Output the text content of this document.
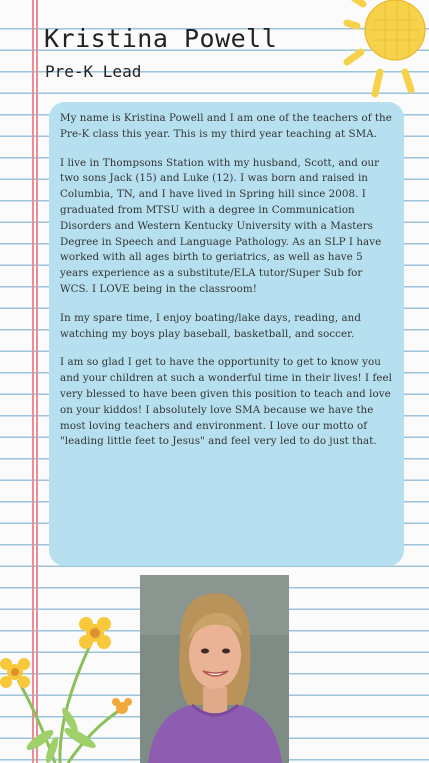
Kristina Powell
Pre-K Lead

My name is Kristina Powell and I am one of the teachers of the Pre-K class this year. This is my third year teaching at SMA.

I live in Thompsons Station with my husband, Scott, and our two sons Jack (15) and Luke (12). I was born and raised in Columbia, TN, and I have lived in Spring hill since 2008. I graduated from MTSU with a degree in Communication Disorders and Western Kentucky University with a Masters Degree in Speech and Language Pathology. As an SLP I have worked with all ages birth to geriatrics, as well as have 5 years experience as a substitute/ELA tutor/Super Sub for WCS. I LOVE being in the classroom!

In my spare time, I enjoy boating/lake days, reading, and watching my boys play baseball, basketball, and soccer.

I am so glad I get to have the opportunity to get to know you and your children at such a wonderful time in their lives! I feel very blessed to have been given this position to teach and love on your kiddos! I absolutely love SMA because we have the most loving teachers and environment. I love our motto of "leading little feet to Jesus" and feel very led to do just that.
